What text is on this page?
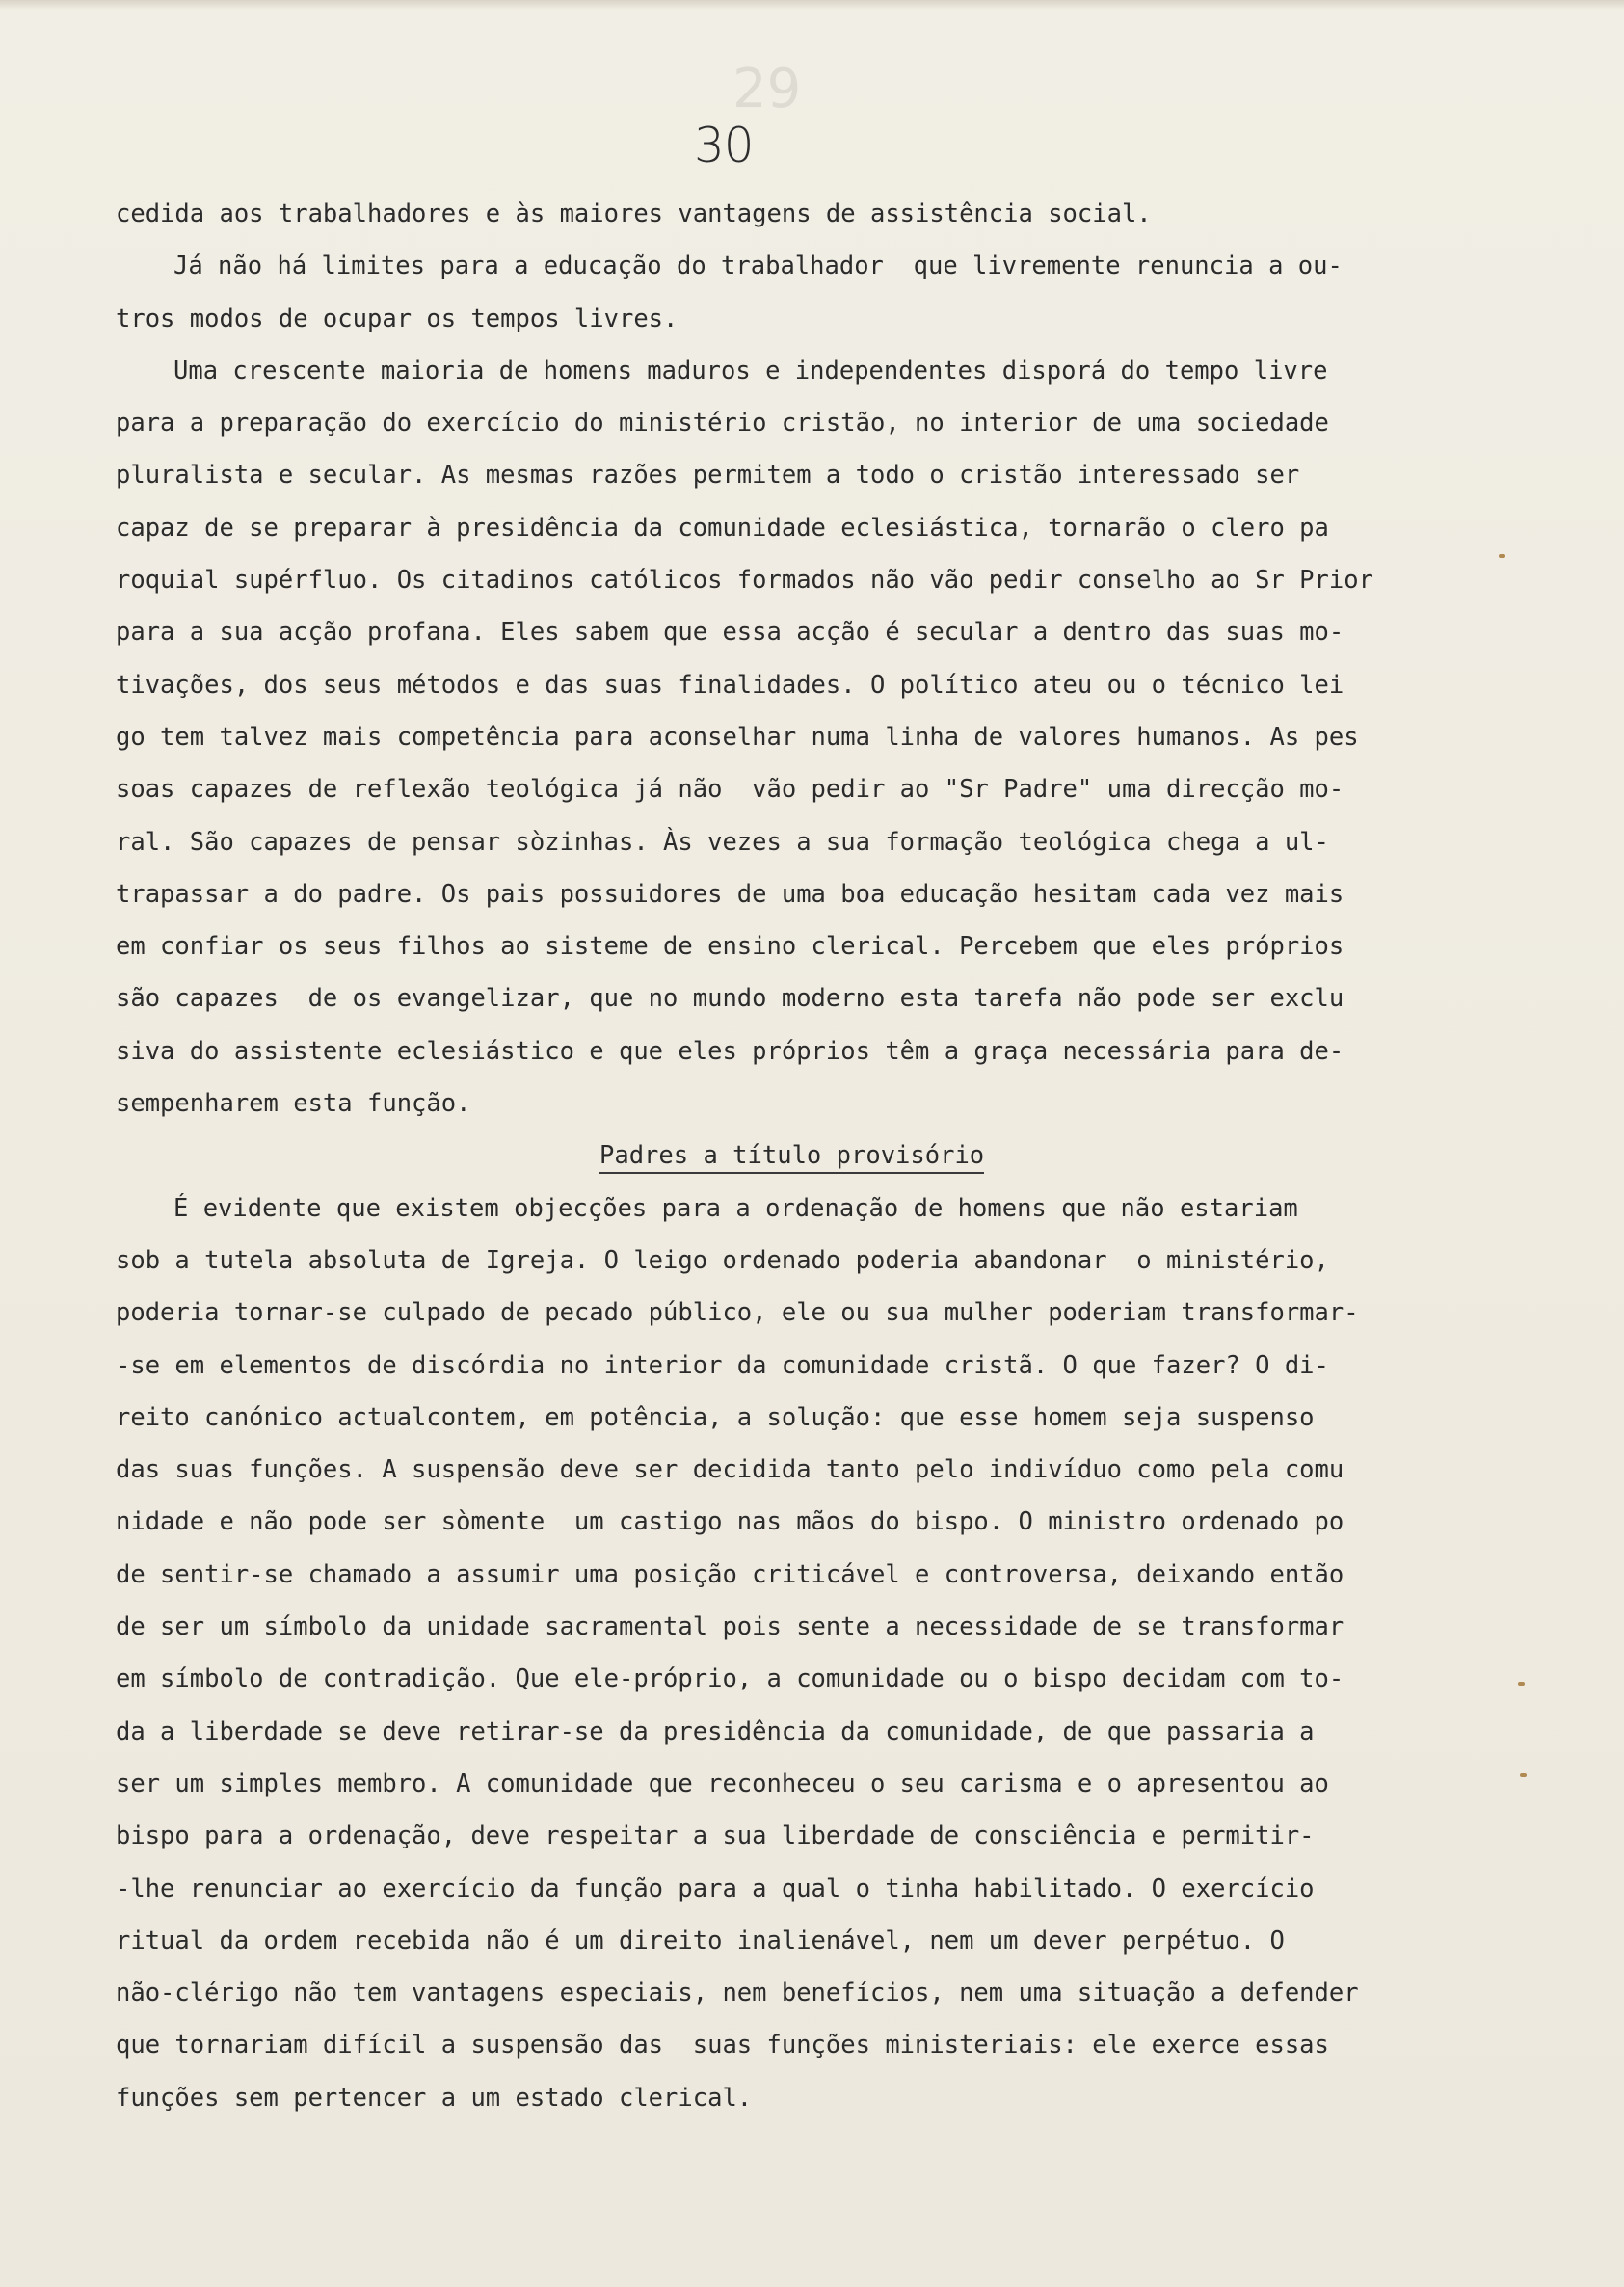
29
30
cedida aos trabalhadores e às maiores vantagens de assistência social.
Já não há limites para a educação do trabalhador  que livremente renuncia a ou-
tros modos de ocupar os tempos livres.
Uma crescente maioria de homens maduros e independentes disporá do tempo livre
para a preparação do exercício do ministério cristão, no interior de uma sociedade
pluralista e secular. As mesmas razões permitem a todo o cristão interessado ser
capaz de se preparar à presidência da comunidade eclesiástica, tornarão o clero pa
roquial supérfluo. Os citadinos católicos formados não vão pedir conselho ao Sr Prior
para a sua acção profana. Eles sabem que essa acção é secular a dentro das suas mo-
tivações, dos seus métodos e das suas finalidades. O político ateu ou o técnico lei
go tem talvez mais competência para aconselhar numa linha de valores humanos. As pes
soas capazes de reflexão teológica já não  vão pedir ao "Sr Padre" uma direcção mo-
ral. São capazes de pensar sòzinhas. Às vezes a sua formação teológica chega a ul-
trapassar a do padre. Os pais possuidores de uma boa educação hesitam cada vez mais
em confiar os seus filhos ao sisteme de ensino clerical. Percebem que eles próprios
são capazes  de os evangelizar, que no mundo moderno esta tarefa não pode ser exclu
siva do assistente eclesiástico e que eles próprios têm a graça necessária para de-
sempenharem esta função.
Padres a título provisório
É evidente que existem objecções para a ordenação de homens que não estariam
sob a tutela absoluta de Igreja. O leigo ordenado poderia abandonar  o ministério,
poderia tornar-se culpado de pecado público, ele ou sua mulher poderiam transformar-
-se em elementos de discórdia no interior da comunidade cristã. O que fazer? O di-
reito canónico actualcontem, em potência, a solução: que esse homem seja suspenso
das suas funções. A suspensão deve ser decidida tanto pelo indivíduo como pela comu
nidade e não pode ser sòmente  um castigo nas mãos do bispo. O ministro ordenado po
de sentir-se chamado a assumir uma posição criticável e controversa, deixando então
de ser um símbolo da unidade sacramental pois sente a necessidade de se transformar
em símbolo de contradição. Que ele-próprio, a comunidade ou o bispo decidam com to-
da a liberdade se deve retirar-se da presidência da comunidade, de que passaria a
ser um simples membro. A comunidade que reconheceu o seu carisma e o apresentou ao
bispo para a ordenação, deve respeitar a sua liberdade de consciência e permitir-
-lhe renunciar ao exercício da função para a qual o tinha habilitado. O exercício
ritual da ordem recebida não é um direito inalienável, nem um dever perpétuo. O
não-clérigo não tem vantagens especiais, nem benefícios, nem uma situação a defender
que tornariam difícil a suspensão das  suas funções ministeriais: ele exerce essas
funções sem pertencer a um estado clerical.
